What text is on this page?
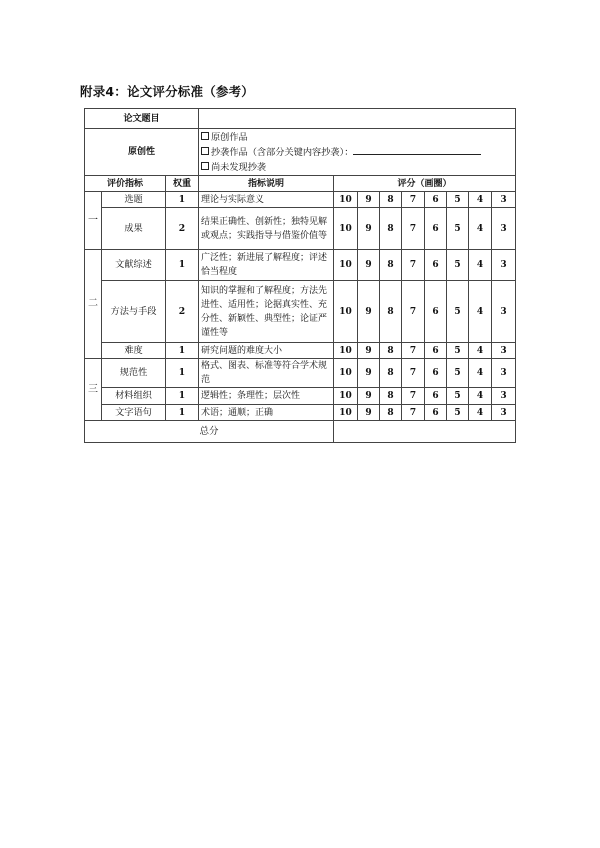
附录4：论文评分标准（参考）
论文题目											
原创性			原创作品
抄袭作品（含部分关键内容抄袭）：
尚未发现抄袭								

评价指标		权重	指标说明	评分（画圈）							
一	选题	1	理论与实际意义	10	9	8	7	6	5	4	3
	成果	2	结果正确性、创新性；独特见解或观点；实践指导与借鉴价值等	10	9	8	7	6	5	4	3
二	文献综述	1	广泛性；新进展了解程度；评述恰当程度	10	9	8	7	6	5	4	3
	方法与手段	2	知识的掌握和了解程度；方法先进性、适用性；论据真实性、充分性、新颖性、典型性；论证严谨性等	10	9	8	7	6	5	4	3
	难度	1	研究问题的难度大小	10	9	8	7	6	5	4	3
三	规范性	1	格式、图表、标准等符合学术规范	10	9	8	7	6	5	4	3
	材料组织	1	逻辑性；条理性；层次性	10	9	8	7	6	5	4	3
	文字语句	1	术语；通顺；正确	10	9	8	7	6	5	4	3
总分											
